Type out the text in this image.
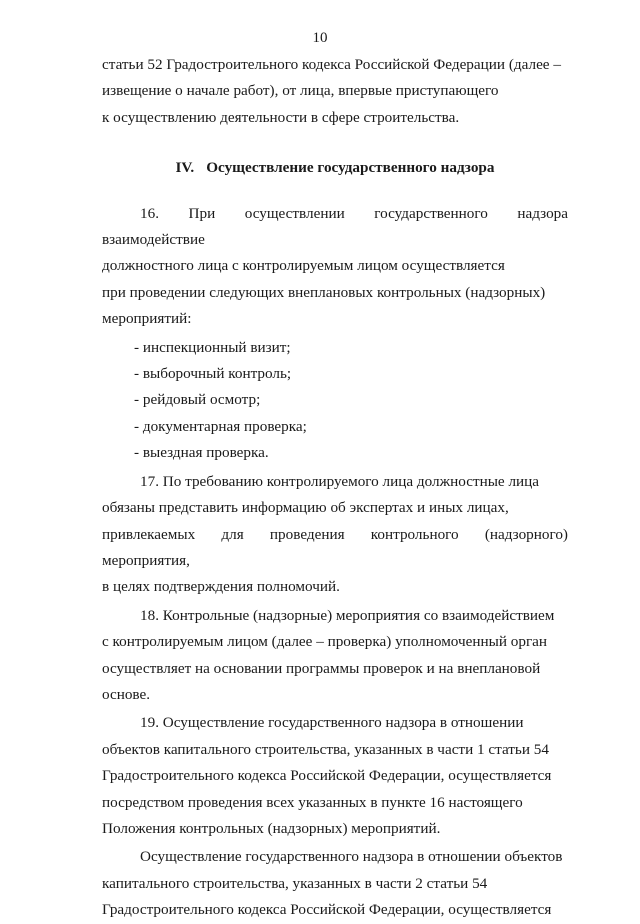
10

статьи 52 Градостроительного кодекса Российской Федерации (далее –

извещение о начале работ), от лица, впервые приступающего

к осуществлению деятельности в сфере строительства.

IV. Осуществление государственного надзора

16. При осуществлении государственного надзора взаимодействие

должностного лица с контролируемым лицом осуществляется

при проведении следующих внеплановых контрольных (надзорных)

мероприятий:

- инспекционный визит;

- выборочный контроль;

- рейдовый осмотр;

- документарная проверка;

- выездная проверка.

17. По требованию контролируемого лица должностные лица

обязаны представить информацию об экспертах и иных лицах,

привлекаемых для проведения контрольного (надзорного) мероприятия,

в целях подтверждения полномочий.

18. Контрольные (надзорные) мероприятия со взаимодействием

с контролируемым лицом (далее – проверка) уполномоченный орган

осуществляет на основании программы проверок и на внеплановой

основе.

19. Осуществление государственного надзора в отношении

объектов капитального строительства, указанных в части 1 статьи 54

Градостроительного кодекса Российской Федерации, осуществляется

посредством проведения всех указанных в пункте 16 настоящего

Положения контрольных (надзорных) мероприятий.

Осуществление государственного надзора в отношении объектов

капитального строительства, указанных в части 2 статьи 54

Градостроительного кодекса Российской Федерации, осуществляется
